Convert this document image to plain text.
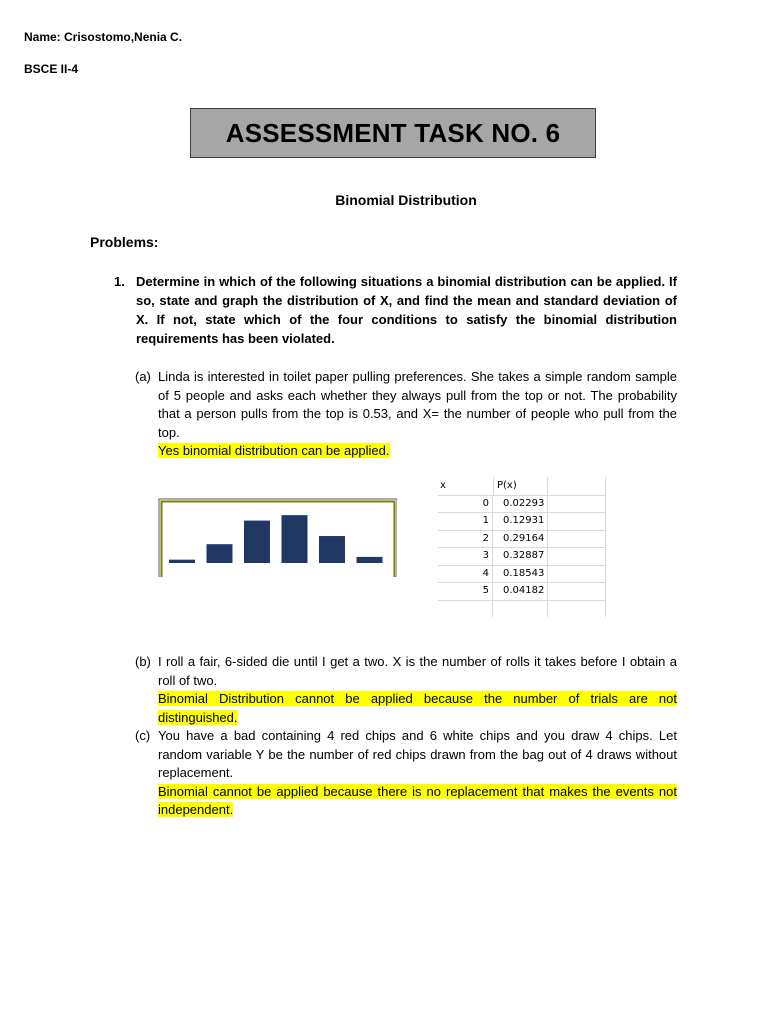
Name: Crisostomo,Nenia C.
BSCE II-4
ASSESSMENT TASK NO. 6
Binomial Distribution
Problems:
1. Determine in which of the following situations a binomial distribution can be applied. If so, state and graph the distribution of X, and find the mean and standard deviation of X. If not, state which of the four conditions to satisfy the binomial distribution requirements has been violated.
(a) Linda is interested in toilet paper pulling preferences. She takes a simple random sample of 5 people and asks each whether they always pull from the top or not. The probability that a person pulls from the top is 0.53, and X= the number of people who pull from the top.
Yes binomial distribution can be applied.
x	P(x)
0	0.02293
1	0.12931
2	0.29164
3	0.32887
4	0.18543
5	0.04182
(b) I roll a fair, 6-sided die until I get a two. X is the number of rolls it takes before I obtain a roll of two.
Binomial Distribution cannot be applied because the number of trials are not distinguished.
(c) You have a bad containing 4 red chips and 6 white chips and you draw 4 chips. Let random variable Y be the number of red chips drawn from the bag out of 4 draws without replacement.
Binomial cannot be applied because there is no replacement that makes the events not independent.
